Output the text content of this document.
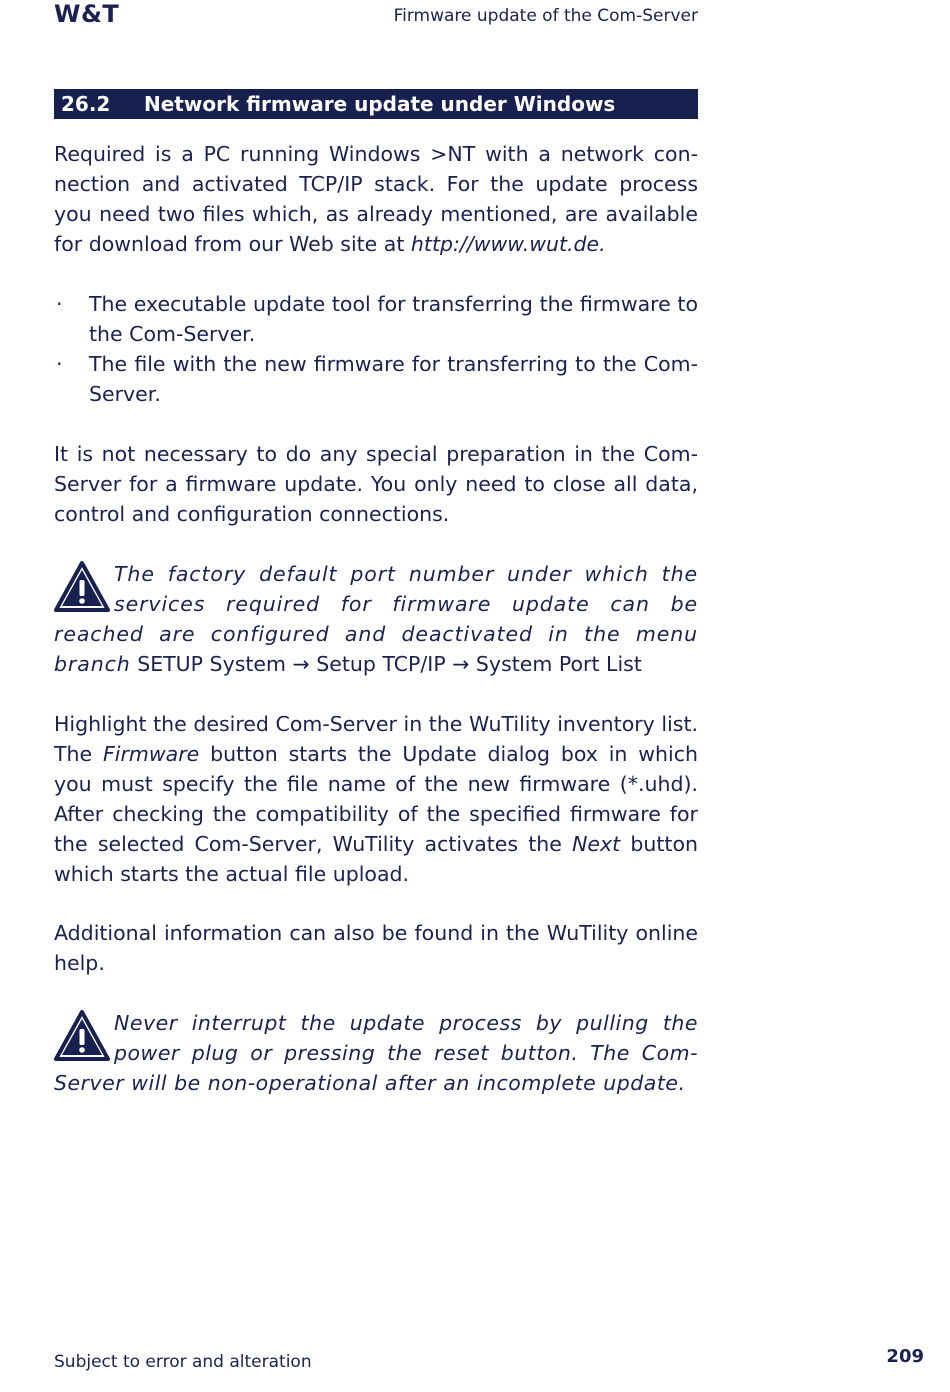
W&T	Firmware update of the Com-Server
26.2 Network firmware update under Windows

Required is a PC running Windows >NT with a network connection and activated TCP/IP stack. For the update process you need two files which, as already mentioned, are available for download from our Web site at http://www.wut.de.

· The executable update tool for transferring the firmware to the Com-Server.
· The file with the new firmware for transferring to the Com-Server.

It is not necessary to do any special preparation in the Com-Server for a firmware update. You only need to close all data, control and configuration connections.

The factory default port number under which the services required for firmware update can be reached are configured and deactivated in the menu branch SETUP System → Setup TCP/IP → System Port List

Highlight the desired Com-Server in the WuTility inventory list. The Firmware button starts the Update dialog box in which you must specify the file name of the new firmware (*.uhd). After checking the compatibility of the specified firmware for the selected Com-Server, WuTility activates the Next button which starts the actual file upload.

Additional information can also be found in the WuTility online help.

Never interrupt the update process by pulling the power plug or pressing the reset button. The Com-Server will be non-operational after an incomplete update.
Subject to error and alteration	209
